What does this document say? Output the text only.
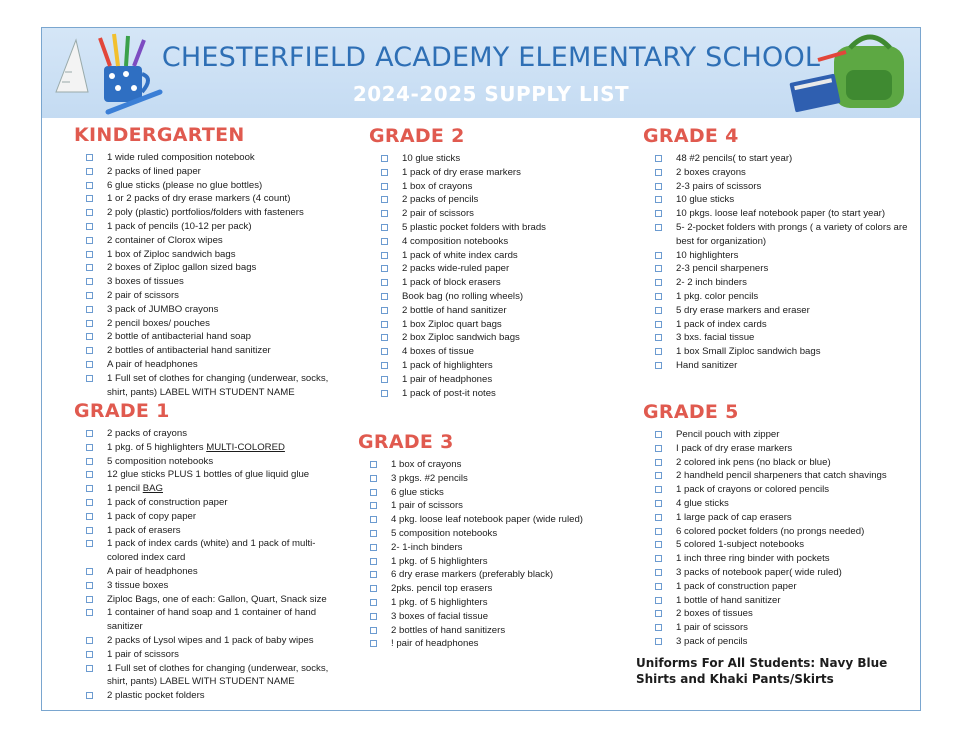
CHESTERFIELD ACADEMY ELEMENTARY SCHOOL
2024-2025 SUPPLY LIST
KINDERGARTEN
1 wide ruled composition notebook
2 packs of lined paper
6 glue sticks (please no glue bottles)
1 or 2 packs of dry erase markers (4 count)
2 poly (plastic) portfolios/folders with fasteners
1 pack of pencils (10-12 per pack)
2 container of Clorox wipes
1 box of Ziploc sandwich bags
2 boxes of Ziploc gallon sized bags
3 boxes of tissues
2 pair of scissors
3 pack of JUMBO crayons
2 pencil boxes/ pouches
2 bottle of antibacterial hand soap
2 bottles of antibacterial hand sanitizer
A pair of headphones
1 Full set of clothes for changing (underwear, socks, shirt, pants) LABEL WITH STUDENT NAME
GRADE 1
2 packs of crayons
1 pkg. of 5 highlighters MULTI-COLORED
5 composition notebooks
12 glue sticks PLUS 1 bottles of glue liquid glue
1 pencil BAG
1 pack of construction paper
1 pack of copy paper
1 pack of erasers
1 pack of index cards (white) and 1 pack of multi-colored index card
A pair of headphones
3 tissue boxes
Ziploc Bags, one of each: Gallon, Quart, Snack size
1 container of hand soap and 1 container of hand sanitizer
2 packs of Lysol wipes and 1 pack of baby wipes
1 pair of scissors
1 Full set of clothes for changing (underwear, socks, shirt, pants) LABEL WITH STUDENT NAME
2 plastic pocket folders
GRADE 2
10 glue sticks
1 pack of dry erase markers
1 box of crayons
2 packs of pencils
2 pair of scissors
5 plastic pocket folders with brads
4 composition notebooks
1 pack of white index cards
2 packs wide-ruled paper
1 pack of block erasers
Book bag (no rolling wheels)
2 bottle of hand sanitizer
1 box Ziploc quart bags
2 box Ziploc sandwich bags
4 boxes of tissue
1 pack of highlighters
1 pair of headphones
1 pack of post-it notes
GRADE 3
1 box of crayons
3 pkgs. #2 pencils
6 glue sticks
1 pair of scissors
4 pkg. loose leaf notebook paper (wide ruled)
5 composition notebooks
2- 1-inch binders
1 pkg. of 5 highlighters
6 dry erase markers (preferably black)
2pks. pencil top erasers
1 pkg. of 5 highlighters
3 boxes of facial tissue
2 bottles of hand sanitizers
! pair of headphones
GRADE 4
48 #2 pencils( to start year)
2 boxes crayons
2-3 pairs of scissors
10 glue sticks
10 pkgs. loose leaf notebook paper (to start year)
5- 2-pocket folders with prongs ( a variety of colors are best for organization)
10 highlighters
2-3 pencil sharpeners
2- 2 inch binders
1 pkg. color pencils
5 dry erase markers and eraser
1 pack of index cards
3 bxs. facial tissue
1 box Small Ziploc sandwich bags
Hand sanitizer
GRADE 5
Pencil pouch with zipper
I pack of dry erase markers
2 colored ink pens (no black or blue)
2 handheld pencil sharpeners that catch shavings
1 pack of crayons or colored pencils
4 glue sticks
1 large pack of cap erasers
6 colored pocket folders (no prongs needed)
5 colored 1-subject notebooks
1 inch three ring binder with pockets
3 packs of notebook paper( wide ruled)
1 pack of construction paper
1 bottle of hand sanitizer
2 boxes of tissues
1 pair of scissors
3 pack of pencils
Uniforms For All Students: Navy Blue Shirts and Khaki Pants/Skirts
